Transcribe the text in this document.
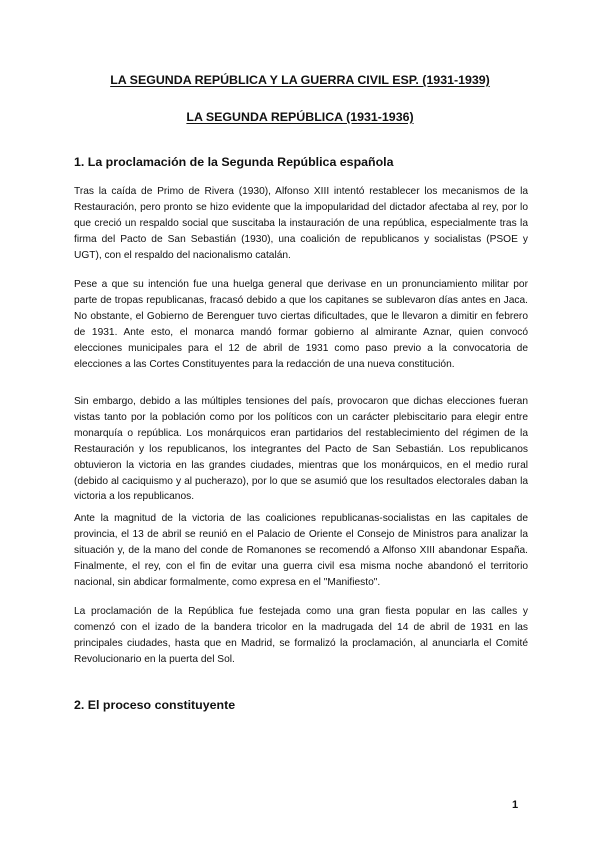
LA SEGUNDA REPÚBLICA Y LA GUERRA CIVIL ESP. (1931-1939)
LA SEGUNDA REPÚBLICA (1931-1936)
1. La proclamación de la Segunda República española

Tras la caída de Primo de Rivera (1930), Alfonso XIII intentó restablecer los mecanismos de la Restauración, pero pronto se hizo evidente que la impopularidad del dictador afectaba al rey, por lo que creció un respaldo social que suscitaba la instauración de una república, especialmente tras la firma del Pacto de San Sebastián (1930), una coalición de republicanos y socialistas (PSOE y UGT), con el respaldo del nacionalismo catalán.

Pese a que su intención fue una huelga general que derivase en un pronunciamiento militar por parte de tropas republicanas, fracasó debido a que los capitanes se sublevaron días antes en Jaca. No obstante, el Gobierno de Berenguer tuvo ciertas dificultades, que le llevaron a dimitir en febrero de 1931. Ante esto, el monarca mandó formar gobierno al almirante Aznar, quien convocó elecciones municipales para el 12 de abril de 1931 como paso previo a la convocatoria de elecciones a las Cortes Constituyentes para la redacción de una nueva constitución.

Sin embargo, debido a las múltiples tensiones del país, provocaron que dichas elecciones fueran vistas tanto por la población como por los políticos con un carácter plebiscitario para elegir entre monarquía o república. Los monárquicos eran partidarios del restablecimiento del régimen de la Restauración y los republicanos, los integrantes del Pacto de San Sebastián. Los republicanos obtuvieron la victoria en las grandes ciudades, mientras que los monárquicos, en el medio rural (debido al caciquismo y al pucherazo), por lo que se asumió que los resultados electorales daban la victoria a los republicanos.

Ante la magnitud de la victoria de las coaliciones republicanas-socialistas en las capitales de provincia, el 13 de abril se reunió en el Palacio de Oriente el Consejo de Ministros para analizar la situación y, de la mano del conde de Romanones se recomendó a Alfonso XIII abandonar España. Finalmente, el rey, con el fin de evitar una guerra civil esa misma noche abandonó el territorio nacional, sin abdicar formalmente, como expresa en el "Manifiesto".

La proclamación de la República fue festejada como una gran fiesta popular en las calles y comenzó con el izado de la bandera tricolor en la madrugada del 14 de abril de 1931 en las principales ciudades, hasta que en Madrid, se formalizó la proclamación, al anunciarla el Comité Revolucionario en la puerta del Sol.

2. El proceso constituyente
1
